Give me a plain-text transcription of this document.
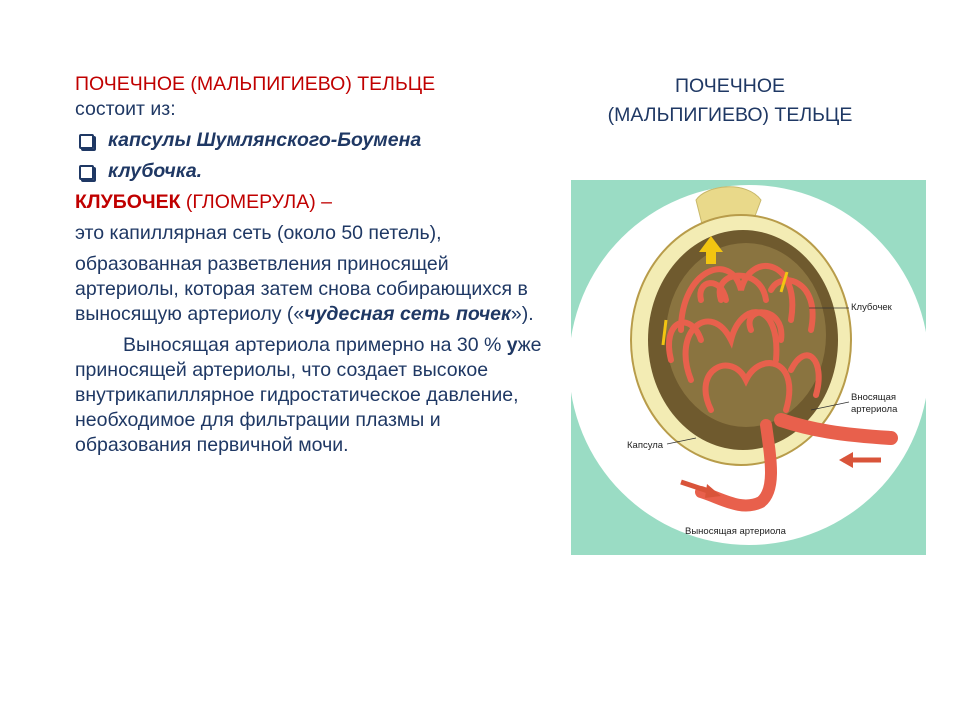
ПОЧЕЧНОЕ (МАЛЬПИГИЕВО) ТЕЛЬЦЕ

состоит из:

капсулы Шумлянского-Боумена
клубочка.

КЛУБОЧЕК (ГЛОМЕРУЛА) –

это капиллярная сеть (около 50 петель),

образованная разветвления приносящей артериолы, которая затем снова собирающихся в выносящую артериолу («чудесная сеть почек»).

Выносящая артериола примерно на 30 % уже приносящей артериолы, что создает высокое внутрикапиллярное гидростатическое давление, необходимое для фильтрации плазмы и образования первичной мочи.

ПОЧЕЧНОЕ
(МАЛЬПИГИЕВО) ТЕЛЬЦЕ
Клубочек
Вносящая
артериола
Капсула
Выносящая артериола
